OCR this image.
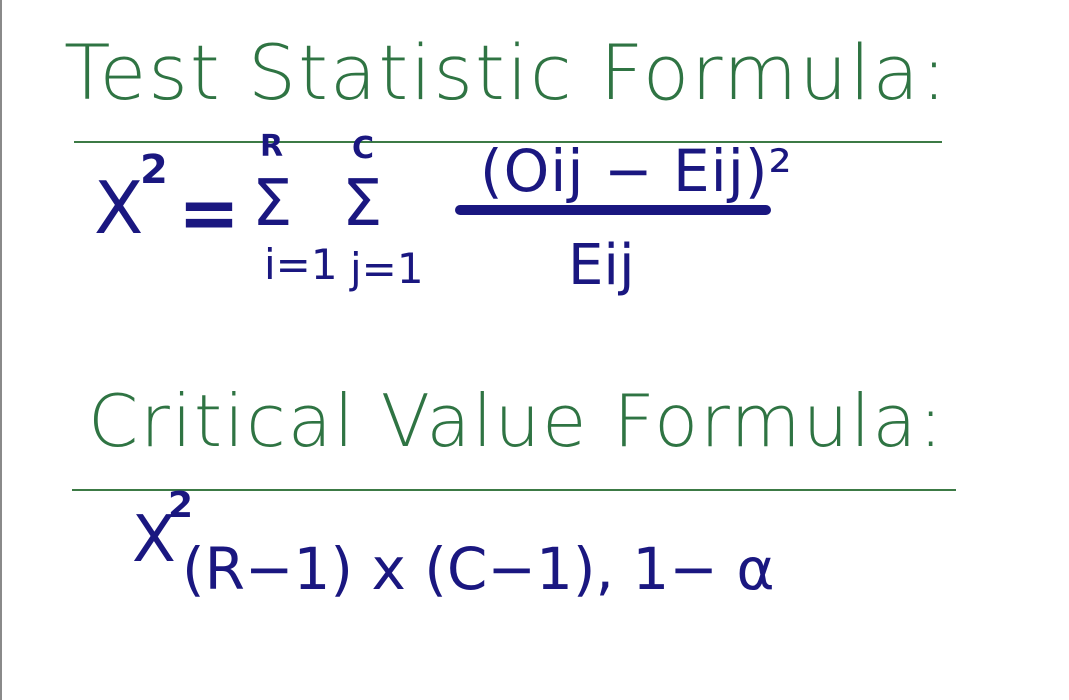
Test Statistic Formula:
X
2 =
R
Σ
i=1
C
Σ
j=1
(Oij − Eij)²
Eij
Critical Value Formula:
X
2
(R−1) x (C−1), 1− α
